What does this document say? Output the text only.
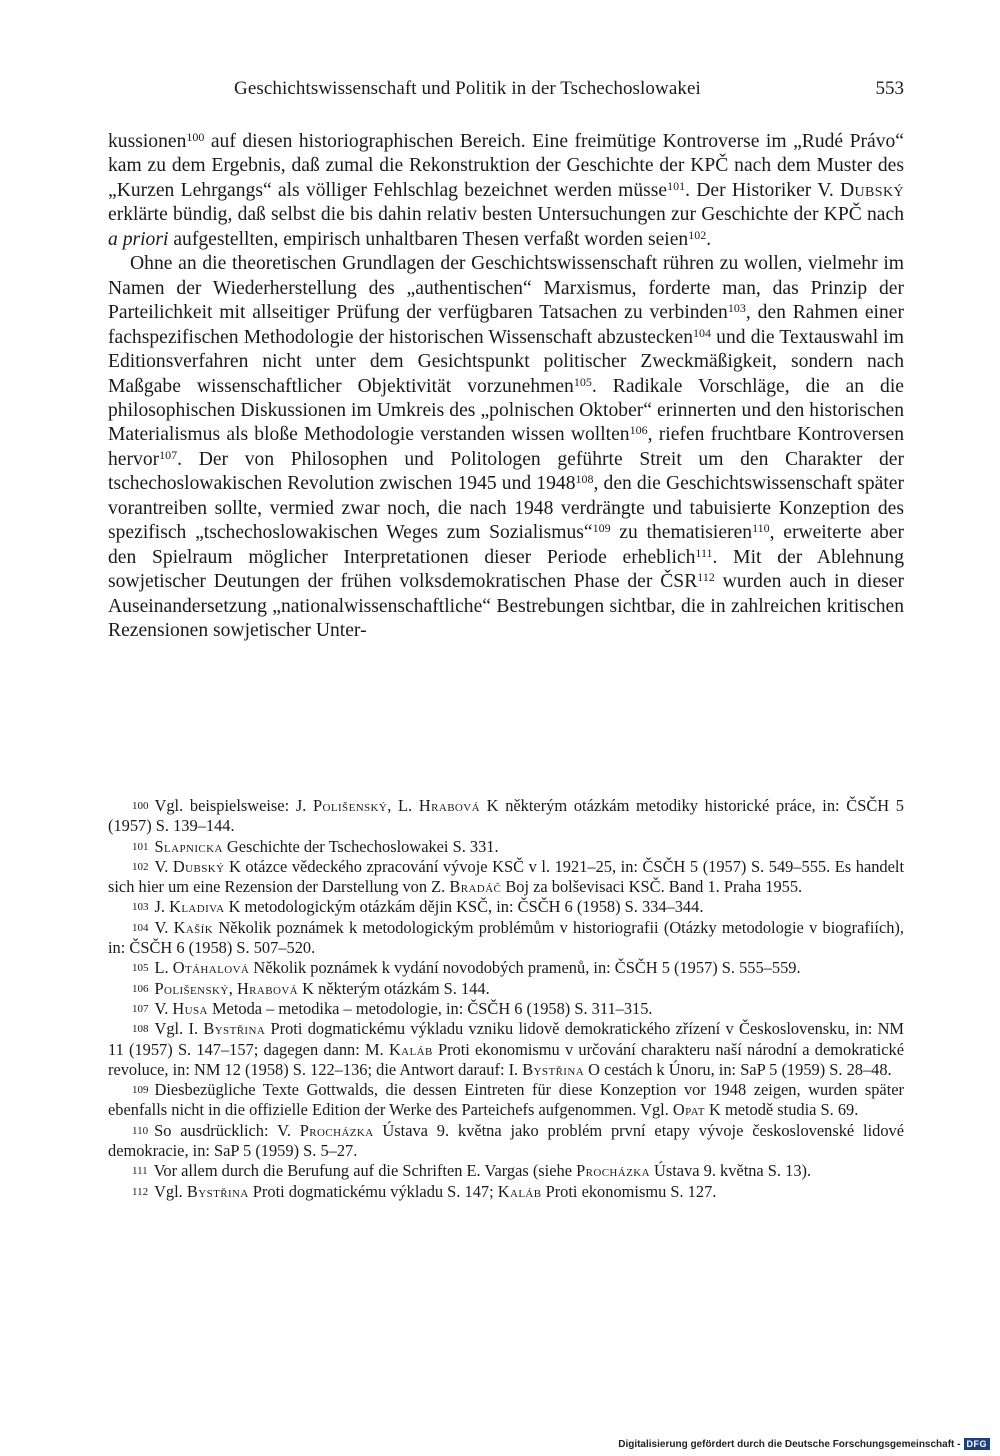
Geschichtswissenschaft und Politik in der Tschechoslowakei	553

kussionen$^{100}$ auf diesen historiographischen Bereich. Eine freimütige Kontroverse im „Rudé Právo“ kam zu dem Ergebnis, daß zumal die Rekonstruktion der Geschichte der KPČ nach dem Muster des „Kurzen Lehrgangs“ als völliger Fehlschlag bezeichnet werden müsse$^{101}$. Der Historiker V. Dubský erklärte bündig, daß selbst die bis dahin relativ besten Untersuchungen zur Geschichte der KPČ nach a priori aufgestellten, empirisch unhaltbaren Thesen verfaßt worden seien$^{102}$.

Ohne an die theoretischen Grundlagen der Geschichtswissenschaft rühren zu wollen, vielmehr im Namen der Wiederherstellung des „authentischen“ Marxismus, forderte man, das Prinzip der Parteilichkeit mit allseitiger Prüfung der verfügbaren Tatsachen zu verbinden$^{103}$, den Rahmen einer fachspezifischen Methodologie der historischen Wissenschaft abzustecken$^{104}$ und die Textauswahl im Editionsverfahren nicht unter dem Gesichtspunkt politischer Zweckmäßigkeit, sondern nach Maßgabe wissenschaftlicher Objektivität vorzunehmen$^{105}$. Radikale Vorschläge, die an die philosophischen Diskussionen im Umkreis des „polnischen Oktober“ erinnerten und den historischen Materialismus als bloße Methodologie verstanden wissen wollten$^{106}$, riefen fruchtbare Kontroversen hervor$^{107}$. Der von Philosophen und Politologen geführte Streit um den Charakter der tschechoslowakischen Revolution zwischen 1945 und 1948$^{108}$, den die Geschichtswissenschaft später vorantreiben sollte, vermied zwar noch, die nach 1948 verdrängte und tabuisierte Konzeption des spezifisch „tschechoslowakischen Weges zum Sozialismus“$^{109}$ zu thematisieren$^{110}$, erweiterte aber den Spielraum möglicher Interpretationen dieser Periode erheblich$^{111}$. Mit der Ablehnung sowjetischer Deutungen der frühen volksdemokratischen Phase der ČSR$^{112}$ wurden auch in dieser Auseinandersetzung „nationalwissenschaftliche“ Bestrebungen sichtbar, die in zahlreichen kritischen Rezensionen sowjetischer Unter-

100 Vgl. beispielsweise: J. Polišenský, L. Hrabová K některým otázkám metodiky historické práce, in: ČSČH 5 (1957) S. 139–144.

101 Slapnicka Geschichte der Tschechoslowakei S. 331.

102 V. Dubský K otázce vědeckého zpracování vývoje KSČ v l. 1921–25, in: ČSČH 5 (1957) S. 549–555. Es handelt sich hier um eine Rezension der Darstellung von Z. Bradáč Boj za bolševisaci KSČ. Band 1. Praha 1955.

103 J. Kladiva K metodologickým otázkám dějin KSČ, in: ČSČH 6 (1958) S. 334–344.

104 V. Kašík Několik poznámek k metodologickým problémům v historiografii (Otázky metodologie v biografiích), in: ČSČH 6 (1958) S. 507–520.

105 L. Otáhalová Několik poznámek k vydání novodobých pramenů, in: ČSČH 5 (1957) S. 555–559.

106 Polišenský, Hrabová K některým otázkám S. 144.

107 V. Husa Metoda – metodika – metodologie, in: ČSČH 6 (1958) S. 311–315.

108 Vgl. I. Bystřina Proti dogmatickému výkladu vzniku lidově demokratického zřízení v Československu, in: NM 11 (1957) S. 147–157; dagegen dann: M. Kaláb Proti ekonomismu v určování charakteru naší národní a demokratické revoluce, in: NM 12 (1958) S. 122–136; die Antwort darauf: I. Bystřina O cestách k Únoru, in: SaP 5 (1959) S. 28–48.

109 Diesbezügliche Texte Gottwalds, die dessen Eintreten für diese Konzeption vor 1948 zeigen, wurden später ebenfalls nicht in die offizielle Edition der Werke des Parteichefs aufgenommen. Vgl. Opat K metodě studia S. 69.

110 So ausdrücklich: V. Procházka Ústava 9. května jako problém první etapy vývoje československé lidové demokracie, in: SaP 5 (1959) S. 5–27.

111 Vor allem durch die Berufung auf die Schriften E. Vargas (siehe Procházka Ústava 9. května S. 13).

112 Vgl. Bystřina Proti dogmatickému výkladu S. 147; Kaláb Proti ekonomismu S. 127.

Digitalisierung gefördert durch die Deutsche Forschungsgemeinschaft - DFG
